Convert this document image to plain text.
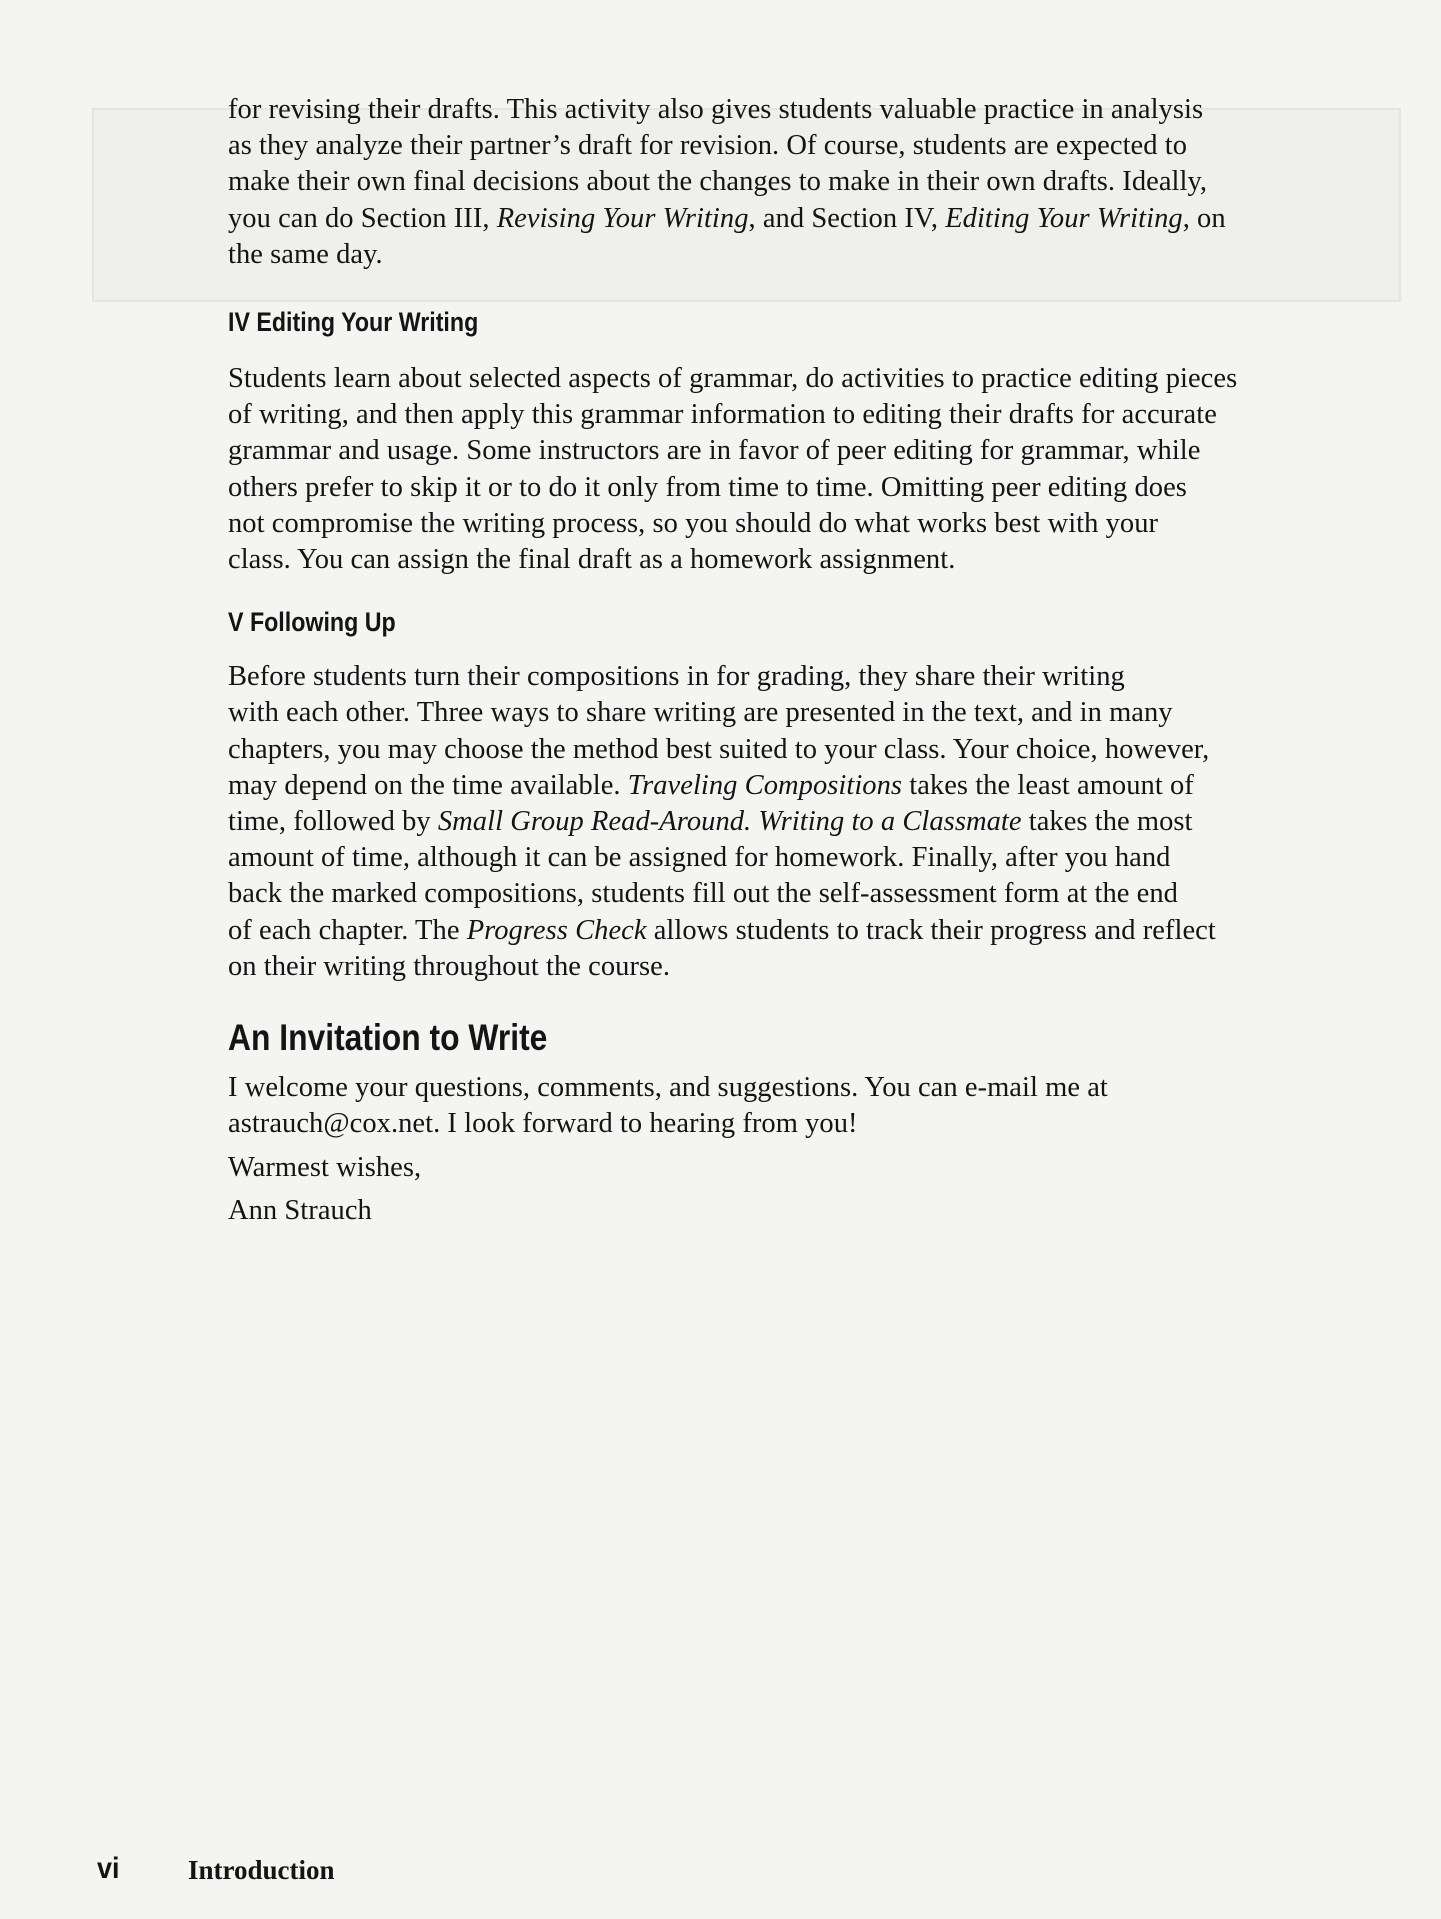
for revising their drafts. This activity also gives students valuable practice in analysis

as they analyze their partner’s draft for revision. Of course, students are expected to

make their own final decisions about the changes to make in their own drafts. Ideally,

you can do Section III, Revising Your Writing, and Section IV, Editing Your Writing, on

the same day.

IV Editing Your Writing

Students learn about selected aspects of grammar, do activities to practice editing pieces

of writing, and then apply this grammar information to editing their drafts for accurate

grammar and usage. Some instructors are in favor of peer editing for grammar, while

others prefer to skip it or to do it only from time to time. Omitting peer editing does

not compromise the writing process, so you should do what works best with your

class. You can assign the final draft as a homework assignment.

V Following Up

Before students turn their compositions in for grading, they share their writing

with each other. Three ways to share writing are presented in the text, and in many

chapters, you may choose the method best suited to your class. Your choice, however,

may depend on the time available. Traveling Compositions takes the least amount of

time, followed by Small Group Read-Around. Writing to a Classmate takes the most

amount of time, although it can be assigned for homework. Finally, after you hand

back the marked compositions, students fill out the self-assessment form at the end

of each chapter. The Progress Check allows students to track their progress and reflect

on their writing throughout the course.

An Invitation to Write

I welcome your questions, comments, and suggestions. You can e-mail me at

astrauch@cox.net. I look forward to hearing from you!

Warmest wishes,

Ann Strauch

vi	Introduction
